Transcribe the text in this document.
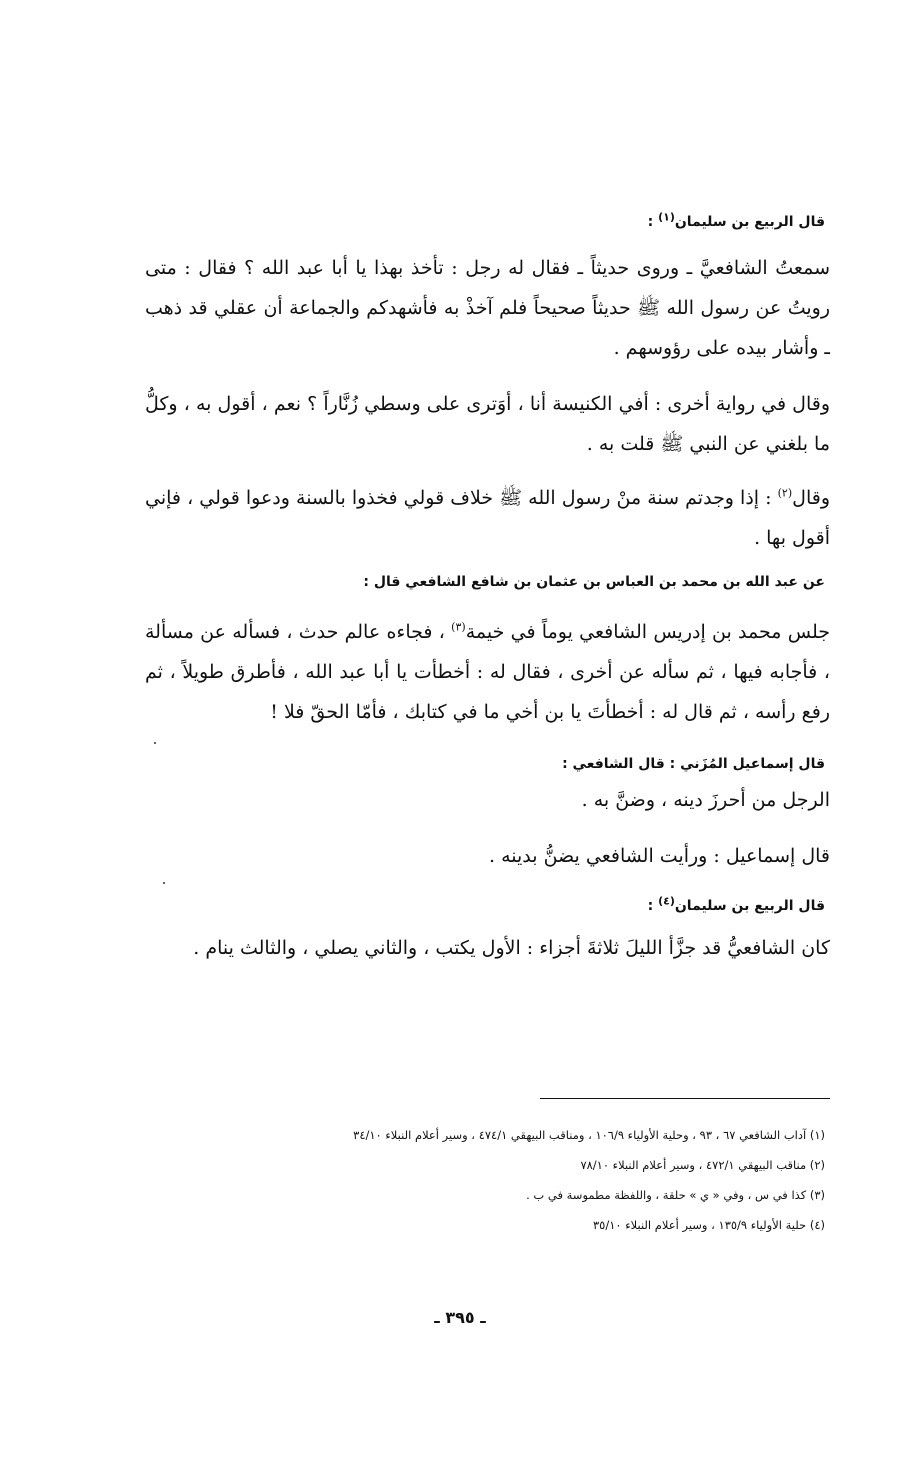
قال الربيع بن سليمان$^{(١)}$ :
سمعتُ الشافعيَّ ـ وروى حديثاً ـ فقال له رجل : تأخذ بهذا يا أبا عبد الله ؟ فقال : متى رويتُ عن رسول الله ﷺ حديثاً صحيحاً فلم آخذْ به فأشهدكم والجماعة أن عقلي قد ذهب ـ وأشار بيده على رؤوسهم .
وقال في رواية أخرى : أفي الكنيسة أنا ، أوَترى على وسطي زُنَّاراً ؟ نعم ، أقول به ، وكلُّ ما بلغني عن النبي ﷺ قلت به .
وقال$^{(٢)}$ : إذا وجدتم سنة منْ رسول الله ﷺ خلاف قولي فخذوا بالسنة ودعوا قولي ، فإني أقول بها .
عن عبد الله بن محمد بن العباس بن عثمان بن شافع الشافعي قال :
جلس محمد بن إدريس الشافعي يوماً في خيمة$^{(٣)}$ ، فجاءه عالم حدث ، فسأله عن مسألة ، فأجابه فيها ، ثم سأله عن أخرى ، فقال له : أخطأت يا أبا عبد الله ، فأطرق طويلاً ، ثم رفع رأسه ، ثم قال له : أخطأتَ يا بن أخي ما في كتابك ، فأمّا الحقّ فلا !
قال إسماعيل المُزَني : قال الشافعي :
الرجل من أحرزَ دينه ، وضنَّ به .
قال إسماعيل : ورأيت الشافعي يضنُّ بدينه .
قال الربيع بن سليمان$^{(٤)}$ :
كان الشافعيُّ قد جزَّأ الليلَ ثلاثةَ أجزاء : الأول يكتب ، والثاني يصلي ، والثالث ينام .
(١) آداب الشافعي ٦٧ ، ٩٣ ، وحلية الأولياء ١٠٦/٩ ، ومناقب البيهقي ٤٧٤/١ ، وسير أعلام النبلاء ٣٤/١٠
(٢) مناقب البيهقي ٤٧٢/١ ، وسير أعلام النبلاء ٧٨/١٠
(٣) كذا في س ، وفي « ي » حلقة ، واللفظة مطموسة في ب .
(٤) حلية الأولياء ١٣٥/٩ ، وسير أعلام النبلاء ٣٥/١٠
ـ ٣٩٥ ـ
